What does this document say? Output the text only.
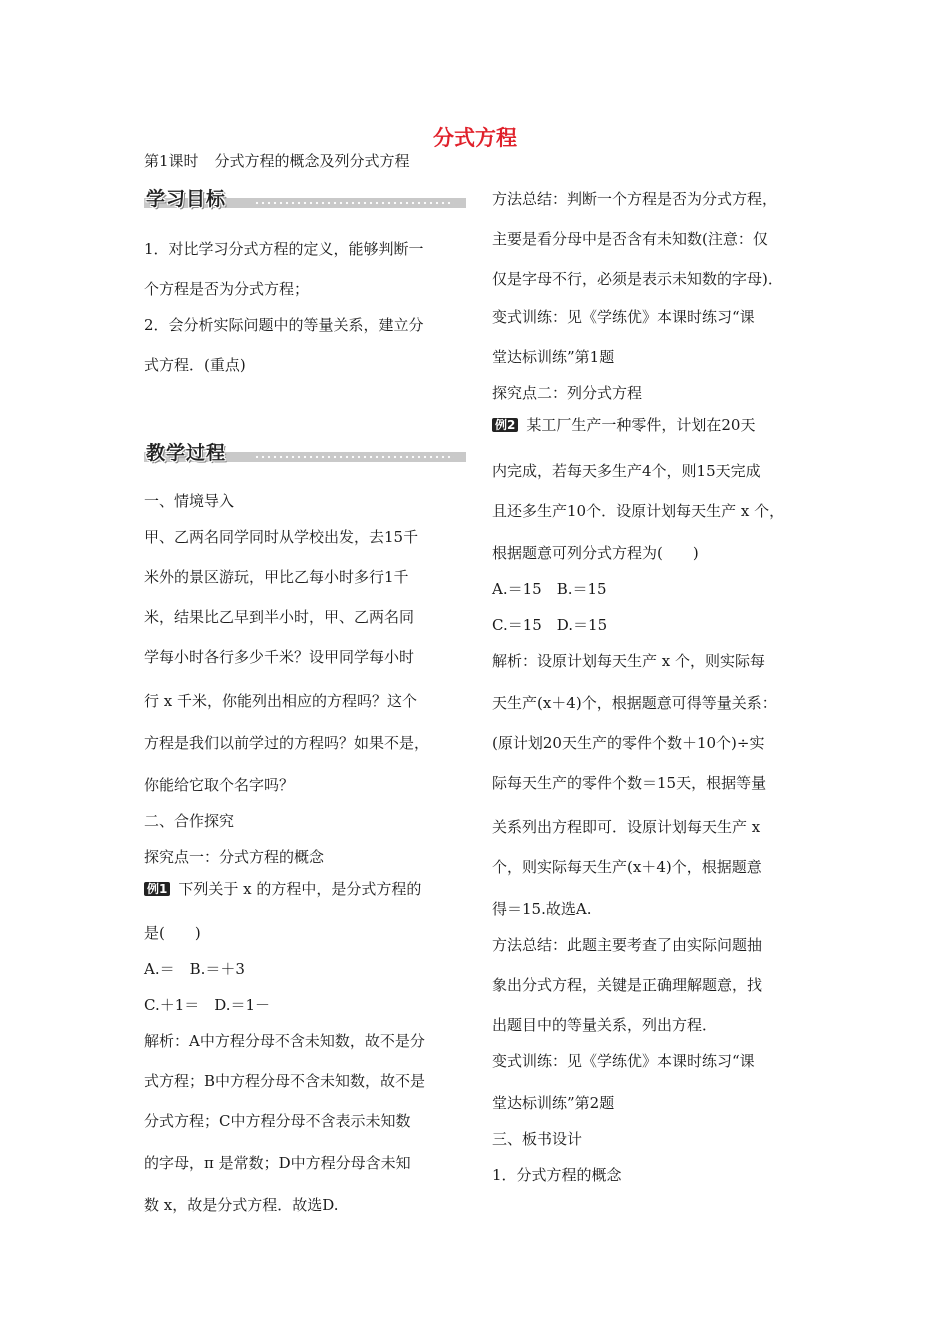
分式方程
第1课时 分式方程的概念及列分式方程
学习目标
1．对比学习分式方程的定义，能够判断一
个方程是否为分式方程；
2．会分析实际问题中的等量关系，建立分
式方程．(重点)
教学过程
一、情境导入
甲、乙两名同学同时从学校出发，去15千
米外的景区游玩，甲比乙每小时多行1千
米，结果比乙早到半小时，甲、乙两名同
学每小时各行多少千米？设甲同学每小时
行 x 千米，你能列出相应的方程吗？这个
方程是我们以前学过的方程吗？如果不是，
你能给它取个名字吗？
二、合作探究
探究点一：分式方程的概念
例1 下列关于 x 的方程中，是分式方程的
是(　　)
A.＝　B.＝＋3
C.＋1＝　D.＝1－
解析：A中方程分母不含未知数，故不是分
式方程；B中方程分母不含未知数，故不是
分式方程；C中方程分母不含表示未知数
的字母，π 是常数；D中方程分母含未知
数 x，故是分式方程．故选D.
方法总结：判断一个方程是否为分式方程，
主要是看分母中是否含有未知数(注意：仅
仅是字母不行，必须是表示未知数的字母)．
变式训练：见《学练优》本课时练习“课
堂达标训练”第1题
探究点二：列分式方程
例2 某工厂生产一种零件，计划在20天
内完成，若每天多生产4个，则15天完成
且还多生产10个．设原计划每天生产 x 个，
根据题意可列分式方程为(　　)
A.＝15　B.＝15
C.＝15　D.＝15
解析：设原计划每天生产 x 个，则实际每
天生产(x＋4)个，根据题意可得等量关系：
(原计划20天生产的零件个数＋10个)÷实
际每天生产的零件个数＝15天，根据等量
关系列出方程即可．设原计划每天生产 x
个，则实际每天生产(x＋4)个，根据题意
得＝15.故选A.
方法总结：此题主要考查了由实际问题抽
象出分式方程，关键是正确理解题意，找
出题目中的等量关系，列出方程．
变式训练：见《学练优》本课时练习“课
堂达标训练”第2题
三、板书设计
1．分式方程的概念
